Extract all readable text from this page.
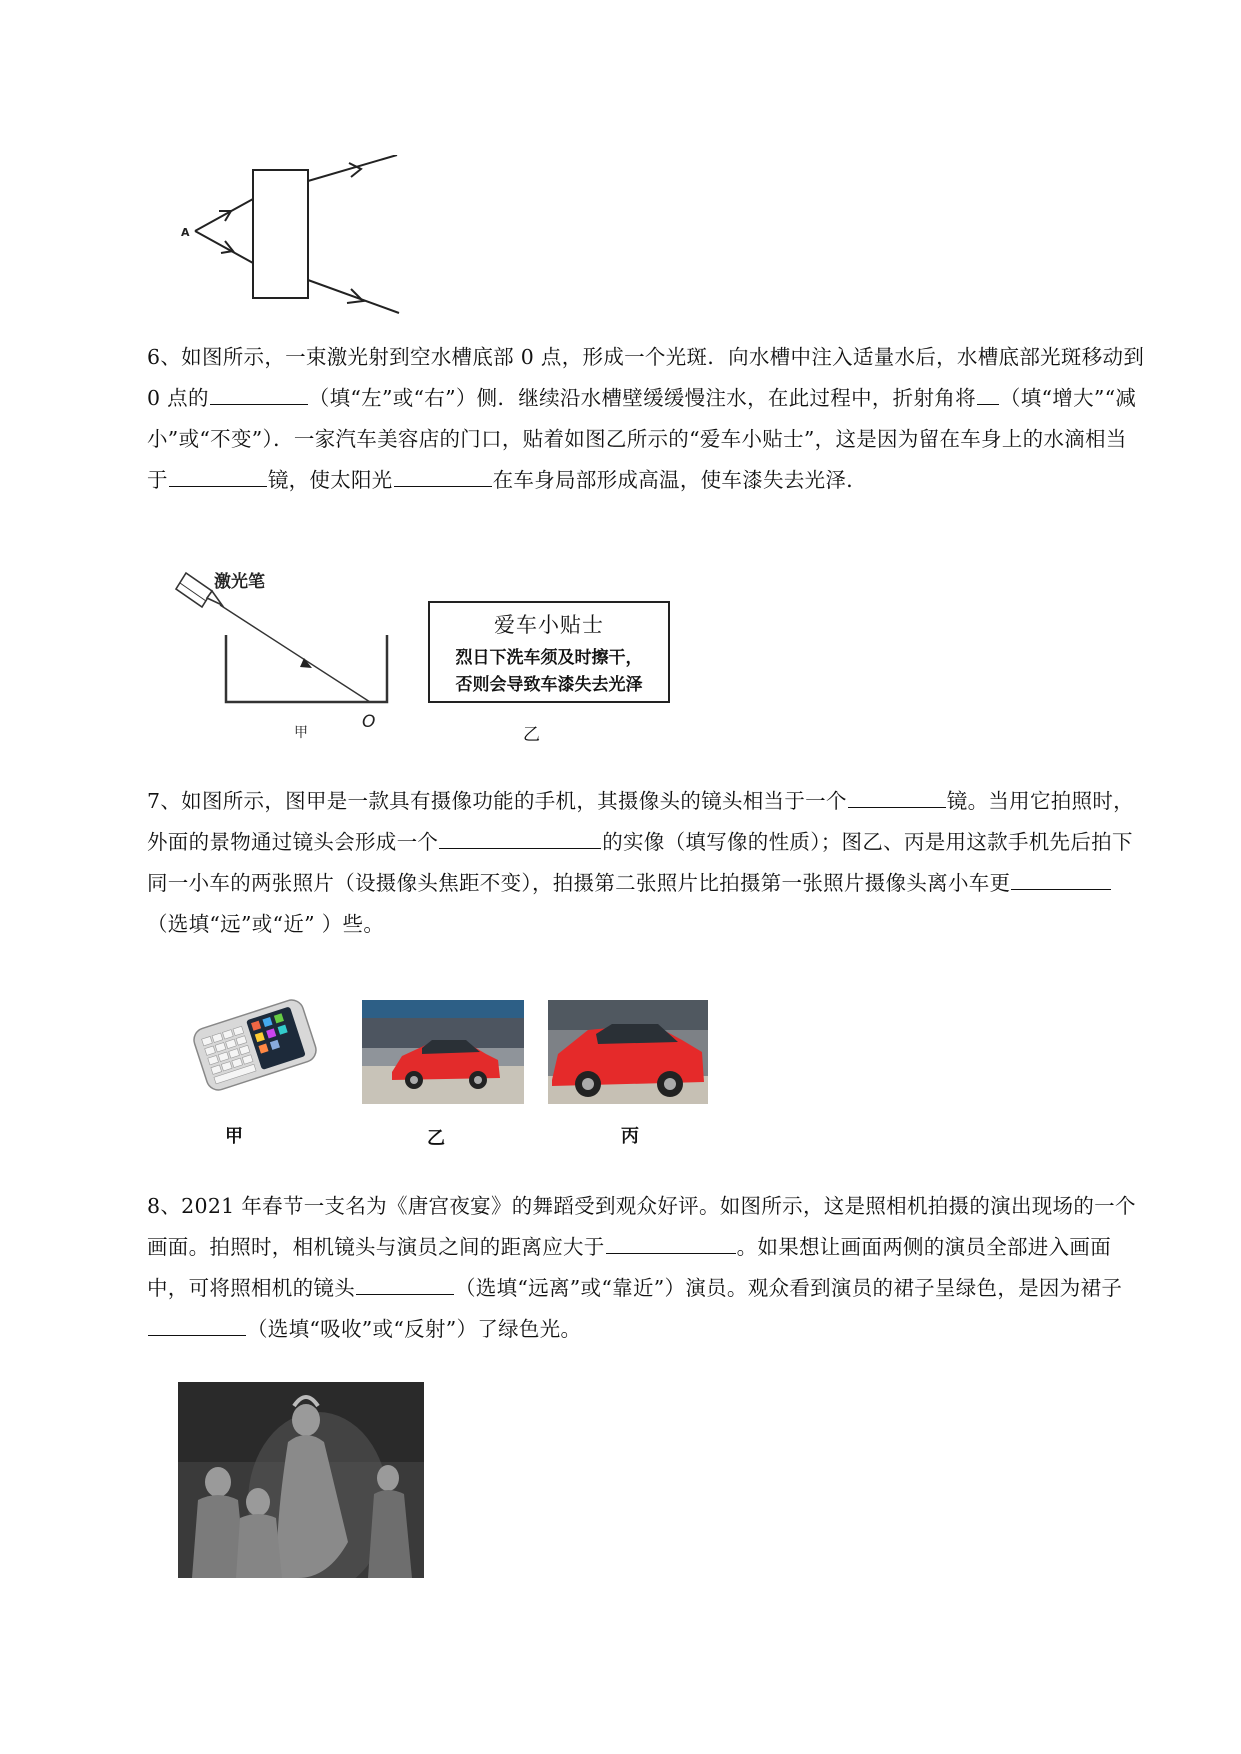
A
6、如图所示，一束激光射到空水槽底部 0 点，形成一个光斑．向水槽中注入适量水后，水槽底部光斑移动到 0 点的	（填“左”或“右”）侧．继续沿水槽壁缓缓慢注水，在此过程中，折射角将 （填“增大”“减小”或“不变”）．一家汽车美容店的门口，贴着如图乙所示的“爱车小贴士”，这是因为留在车身上的水滴相当于	镜，使太阳光	在车身局部形成高温，使车漆失去光泽．
激光笔
O
甲
爱车小贴士
烈日下洗车须及时擦干，
否则会导致车漆失去光泽
乙
7、如图所示，图甲是一款具有摄像功能的手机，其摄像头的镜头相当于一个	镜。当用它拍照时，外面的景物通过镜头会形成一个	的实像（填写像的性质）；图乙、丙是用这款手机先后拍下同一小车的两张照片（设摄像头焦距不变），拍摄第二张照片比拍摄第一张照片摄像头离小车更（选填“远”或“近” ）些。
甲	乙	丙
8、2021 年春节一支名为《唐宫夜宴》的舞蹈受到观众好评。如图所示，这是照相机拍摄的演出现场的一个画面。拍照时，相机镜头与演员之间的距离应大于	。如果想让画面两侧的演员全部进入画面中，可将照相机的镜头	（选填“远离”或“靠近”）演员。观众看到演员的裙子呈绿色，是因为裙子（选填“吸收”或“反射”）了绿色光。
